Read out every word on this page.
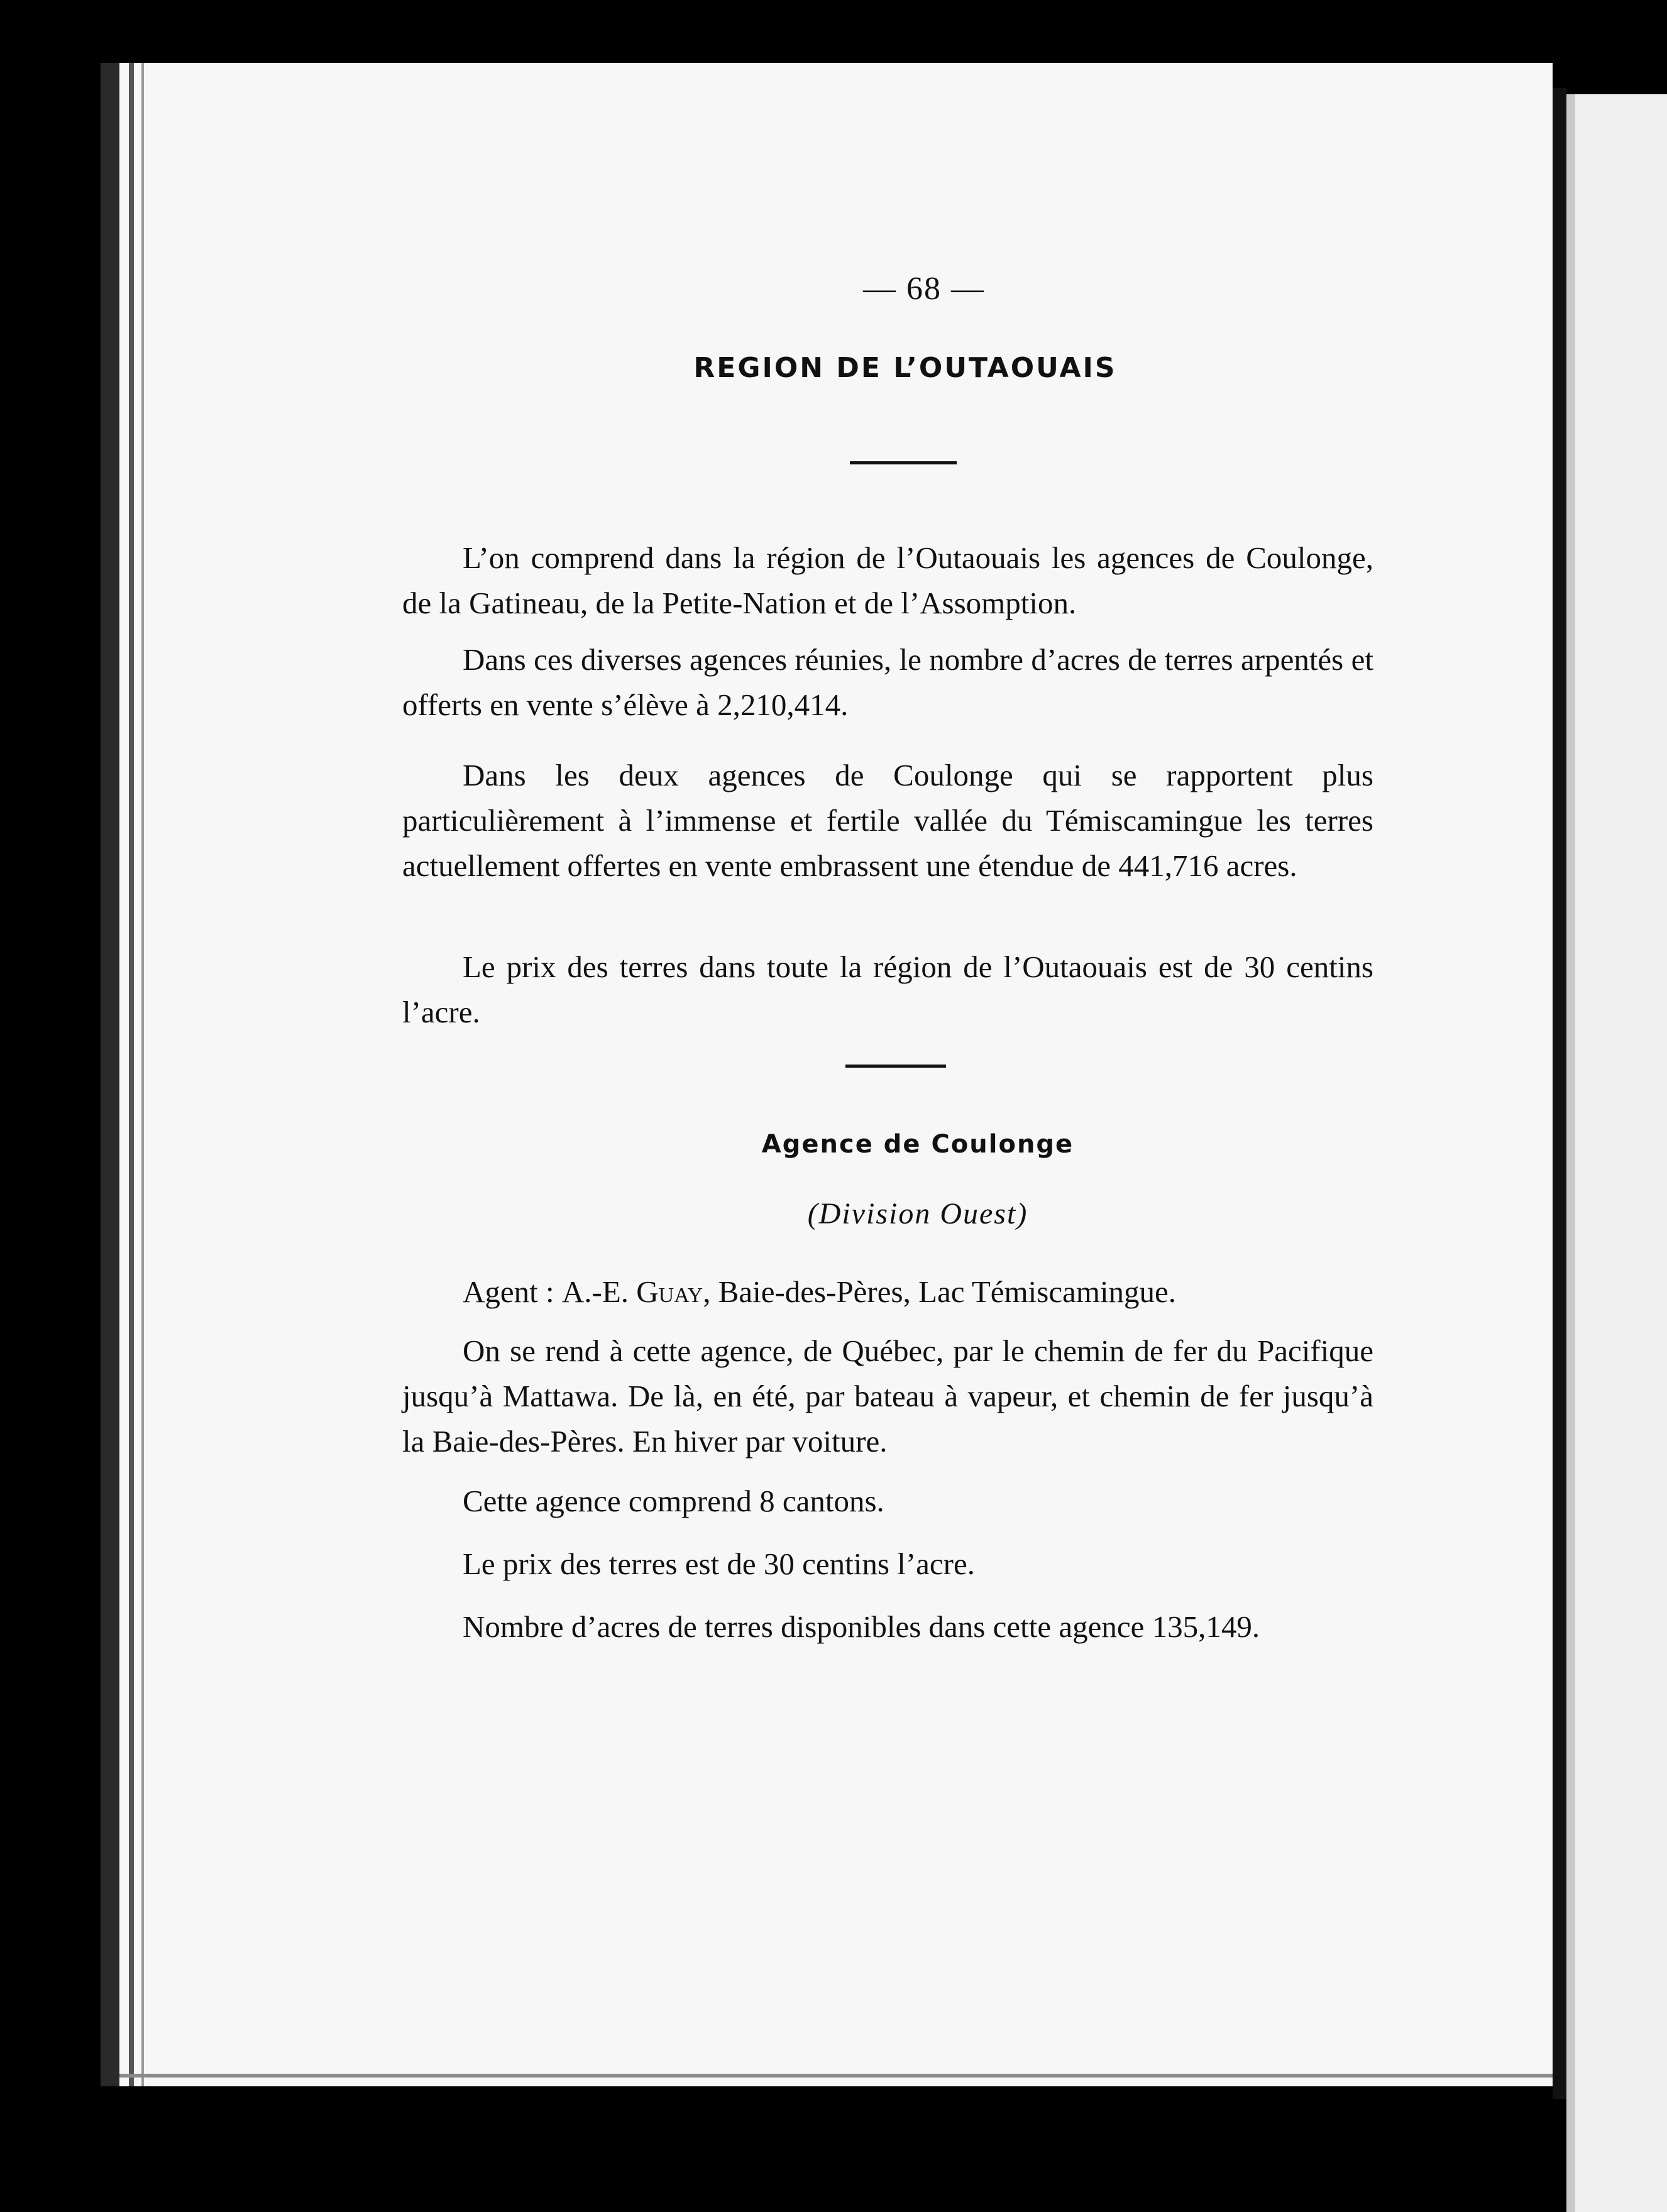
— 68 —
REGION DE L’OUTAOUAIS

L’on comprend dans la région de l’Outaouais les agences de Coulonge, de la Gatineau, de la Petite-Nation et de l’Assomption.

Dans ces diverses agences réunies, le nombre d’acres de terres arpentés et offerts en vente s’élève à 2,210,414.

Dans les deux agences de Coulonge qui se rapportent plus particulièrement à l’immense et fertile vallée du Témiscamingue les terres actuellement offertes en vente embrassent une étendue de 441,716 acres.

Le prix des terres dans toute la région de l’Outaouais est de 30 centins l’acre.

Agence de Coulonge
(Division Ouest)

Agent : A.-E. Guay, Baie-des-Pères, Lac Témiscamingue.

On se rend à cette agence, de Québec, par le chemin de fer du Pacifique jusqu’à Mattawa. De là, en été, par bateau à vapeur, et chemin de fer jusqu’à la Baie-des-Pères. En hiver par voiture.

Cette agence comprend 8 cantons.

Le prix des terres est de 30 centins l’acre.

Nombre d’acres de terres disponibles dans cette agence 135,149.
